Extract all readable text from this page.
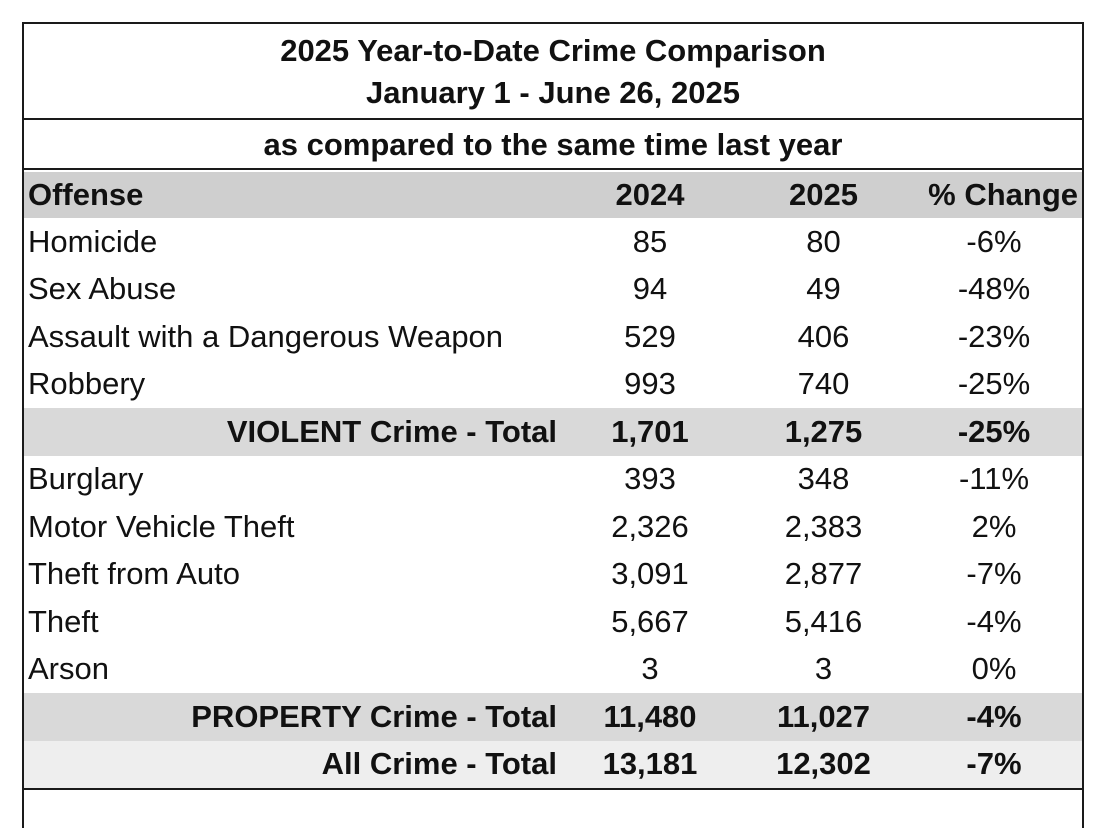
2025 Year-to-Date Crime Comparison
January 1 - June 26, 2025
as compared to the same time last year
Offense	2024	2025	% Change
Homicide	85	80	-6%
Sex Abuse	94	49	-48%
Assault with a Dangerous Weapon	529	406	-23%
Robbery	993	740	-25%
VIOLENT Crime - Total	1,701	1,275	-25%
Burglary	393	348	-11%
Motor Vehicle Theft	2,326	2,383	2%
Theft from Auto	3,091	2,877	-7%
Theft	5,667	5,416	-4%
Arson	3	3	0%
PROPERTY Crime - Total	11,480	11,027	-4%
All Crime - Total	13,181	12,302	-7%
